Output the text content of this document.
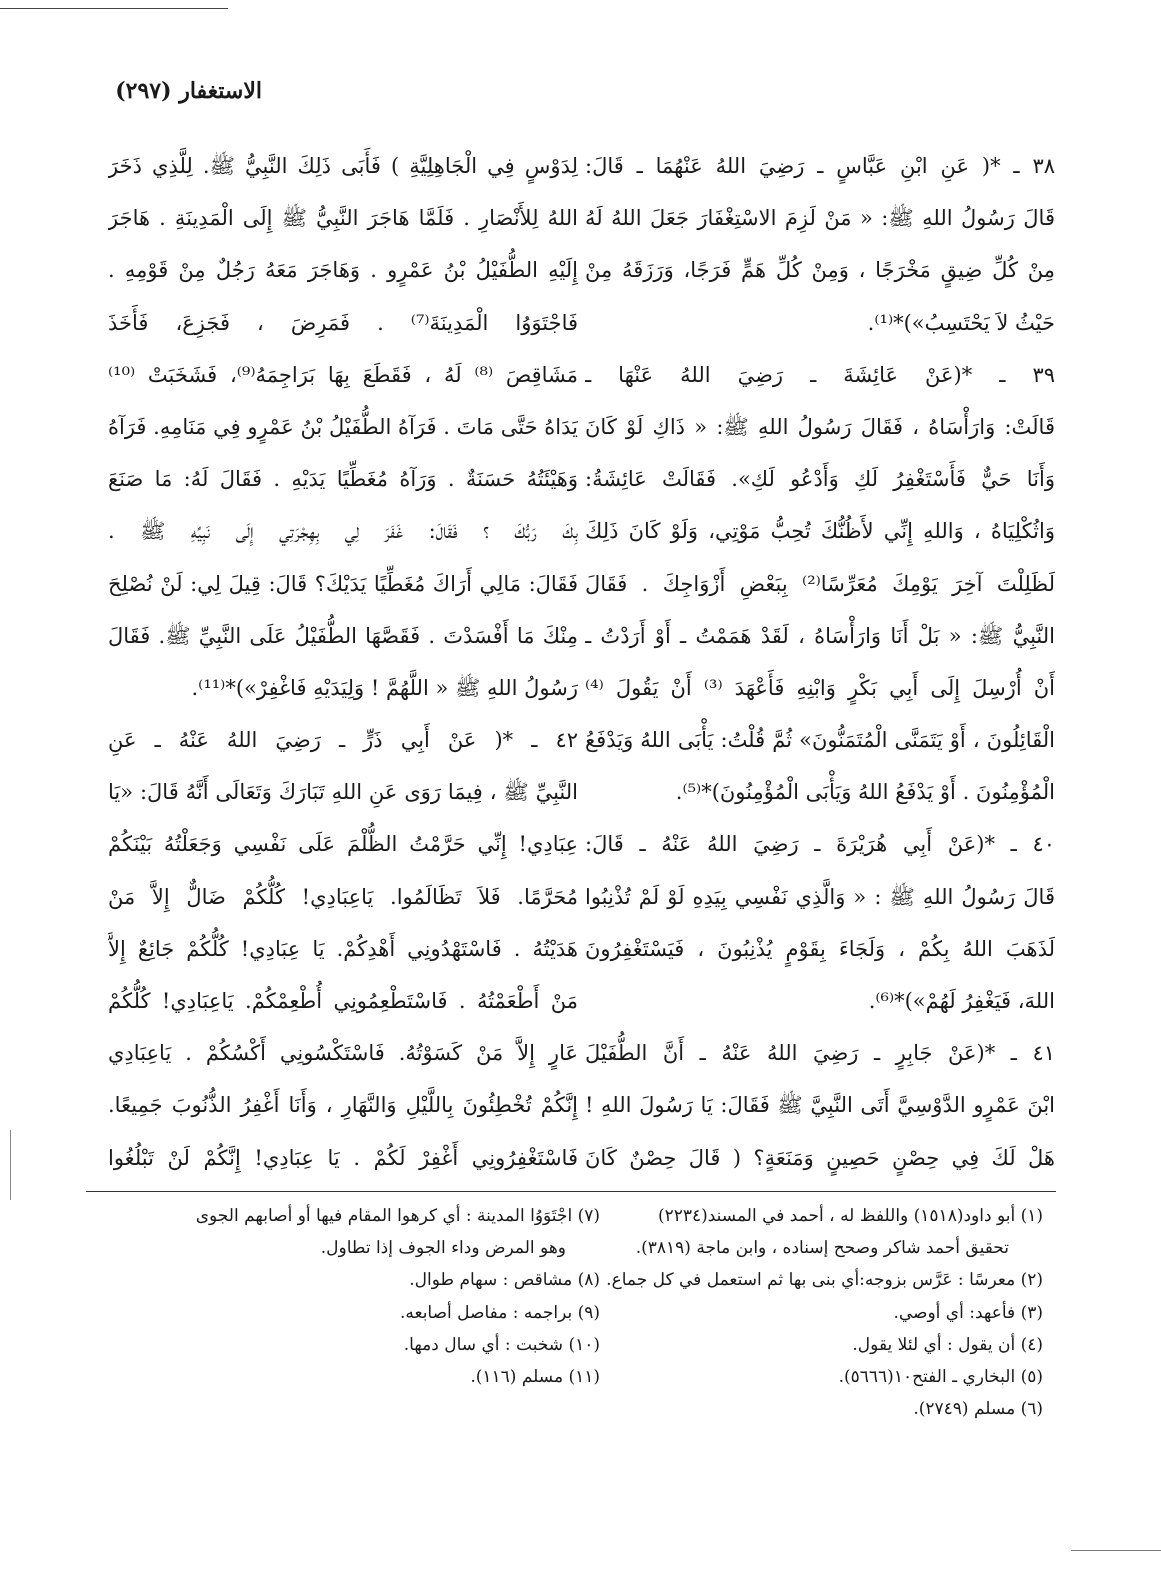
الاستغفار (٢٩٧)
٣٨ ـ *( عَنِ ابْنِ عَبَّاسٍ ـ رَضِيَ اللهُ عَنْهُمَا ـ قَالَ:
قَالَ رَسُولُ اللهِ ﷺ: « مَنْ لَزِمَ الاسْتِغْفَارَ جَعَلَ اللهُ لَهُ
مِنْ كُلِّ ضِيقٍ مَخْرَجًا ، وَمِنْ كُلِّ هَمٍّ فَرَجًا، وَرَزَقَهُ مِنْ
حَيْثُ لاَ يَحْتَسِبُ»)*⁽¹⁾.
٣٩ ـ *(عَنْ عَائِشَةَ ـ رَضِيَ اللهُ عَنْهَا ـ
قَالَتْ: وَارَأْسَاهُ ، فَقَالَ رَسُولُ اللهِ ﷺ: « ذَاكِ لَوْ كَانَ
وَأَنَا حَيٌّ فَأَسْتَغْفِرُ لَكِ وَأَدْعُو لَكِ». فَقَالَتْ عَائِشَةُ:
وَاثُكْلِيَاهُ ، وَاللهِ إِنِّي لأَظُنُّكَ تُحِبُّ مَوْتِي، وَلَوْ كَانَ ذَلِكَ
لَظَلِلْتَ آخِرَ يَوْمِكَ مُعَرِّسًا⁽²⁾ بِبَعْضِ أَزْوَاجِكَ . فَقَالَ
النَّبِيُّ ﷺ: « بَلْ أَنَا وَارَأْسَاهُ ، لَقَدْ هَمَمْتُ ـ أَوْ أَرَدْتُ ـ
أَنْ أُرْسِلَ إِلَى أَبِي بَكْرٍ وَابْنِهِ فَأَعْهَدَ ⁽³⁾ أَنْ يَقُولَ ⁽⁴⁾
الْقَائِلُونَ ، أَوْ يَتَمَنَّى الْمُتَمَنُّونَ» ثُمَّ قُلْتُ: يَأْبَى اللهُ وَيَدْفَعُ
الْمُؤْمِنُونَ . أَوْ يَدْفَعُ اللهُ وَيَأْبَى الْمُؤْمِنُونَ)*⁽⁵⁾.
٤٠ ـ *(عَنْ أَبِي هُرَيْرَةَ ـ رَضِيَ اللهُ عَنْهُ ـ قَالَ:
قَالَ رَسُولُ اللهِ ﷺ : « وَالَّذِي نَفْسِي بِيَدِهِ لَوْ لَمْ تُذْنِبُوا
لَذَهَبَ اللهُ بِكُمْ ، وَلَجَاءَ بِقَوْمٍ يُذْنِبُونَ ، فَيَسْتَغْفِرُونَ
اللهَ، فَيَغْفِرُ لَهُمْ»)*⁽⁶⁾.
٤١ ـ *(عَنْ جَابِرٍ ـ رَضِيَ اللهُ عَنْهُ ـ أَنَّ الطُّفَيْلَ
ابْنَ عَمْرٍو الدَّوْسِيَّ أَتَى النَّبِيَّ ﷺ فَقَالَ: يَا رَسُولَ اللهِ !
هَلْ لَكَ فِي حِصْنٍ حَصِينٍ وَمَنَعَةٍ؟ ( قَالَ حِصْنٌ كَانَ
لِدَوْسٍ فِي الْجَاهِلِيَّةِ ) فَأَبَى ذَلِكَ النَّبِيُّ ﷺ. لِلَّذِي ذَخَرَ
اللهُ لِلأَنْصَارِ . فَلَمَّا هَاجَرَ النَّبِيُّ ﷺ إِلَى الْمَدِينَةِ . هَاجَرَ
إِلَيْهِ الطُّفَيْلُ بْنُ عَمْرٍو . وَهَاجَرَ مَعَهُ رَجُلٌ مِنْ قَوْمِهِ .
فَاجْتَوَوُا الْمَدِينَةَ⁽⁷⁾ . فَمَرِضَ ، فَجَزِعَ، فَأَخَذَ
مَشَاقِصَ ⁽⁸⁾ لَهُ ، فَقَطَعَ بِهَا بَرَاجِمَهُ⁽⁹⁾، فَشَخَبَتْ ⁽¹⁰⁾
يَدَاهُ حَتَّى مَاتَ . فَرَآهُ الطُّفَيْلُ بْنُ عَمْرٍو فِي مَنَامِهِ. فَرَآهُ
وَهَيْئَتُهُ حَسَنَةٌ . وَرَآهُ مُغَطِّيًا يَدَيْهِ . فَقَالَ لَهُ: مَا صَنَعَ
بِكَ رَبُّكَ ؟ فَقَالَ: غَفَرَ لِي بِهِجْرَتِي إِلَى نَبِيِّهِ ﷺ .
فَقَالَ: مَالِي أَرَاكَ مُغَطِّيًا يَدَيْكَ؟ قَالَ: قِيلَ لِي: لَنْ نُصْلِحَ
مِنْكَ مَا أَفْسَدْتَ . فَقَصَّهَا الطُّفَيْلُ عَلَى النَّبِيِّ ﷺ. فَقَالَ
رَسُولُ اللهِ ﷺ « اللَّهُمَّ ! وَلِيَدَيْهِ فَاغْفِرْ»)*⁽¹¹⁾.
٤٢ ـ *( عَنْ أَبِي ذَرٍّ ـ رَضِيَ اللهُ عَنْهُ ـ عَنِ
النَّبِيِّ ﷺ ، فِيمَا رَوَى عَنِ اللهِ تَبَارَكَ وَتَعَالَى أَنَّهُ قَالَ: «يَا
عِبَادِي! إِنِّي حَرَّمْتُ الظُّلْمَ عَلَى نَفْسِي وَجَعَلْتُهُ بَيْنَكُمْ
مُحَرَّمًا. فَلاَ تَظَالَمُوا. يَاعِبَادِي! كُلُّكُمْ ضَالٌّ إِلاَّ مَنْ
هَدَيْتُهُ . فَاسْتَهْدُونِي أَهْدِكُمْ. يَا عِبَادِي! كُلُّكُمْ جَائِعٌ إِلاَّ
مَنْ أَطْعَمْتُهُ . فَاسْتَطْعِمُونِي أُطْعِمْكُمْ. يَاعِبَادِي! كُلُّكُمْ
عَارٍ إِلاَّ مَنْ كَسَوْتُهُ. فَاسْتَكْسُونِي أَكْسُكُمْ . يَاعِبَادِي
إِنَّكُمْ تُخْطِئُونَ بِاللَّيْلِ وَالنَّهَارِ ، وَأَنَا أَغْفِرُ الذُّنُوبَ جَمِيعًا.
فَاسْتَغْفِرُونِي أَغْفِرْ لَكُمْ . يَا عِبَادِي! إِنَّكُمْ لَنْ تَبْلُغُوا
(١) أبو داود(١٥١٨) واللفظ له ، أحمد في المسند(٢٢٣٤)
تحقيق أحمد شاكر وصحح إسناده ، وابن ماجة (٣٨١٩).
(٢) معرسًا : عَرَّس بزوجه:أي بنى بها ثم استعمل في كل جماع.
(٣) فأعهد: أي أوصي.
(٤) أن يقول : أي لئلا يقول.
(٥) البخاري ـ الفتح١٠(٥٦٦٦).
(٦) مسلم (٢٧٤٩).
(٧) اجْتَوَوُا المدينة : أي كرهوا المقام فيها أو أصابهم الجوى
وهو المرض وداء الجوف إذا تطاول.
(٨) مشاقص : سهام طوال.
(٩) براجمه : مفاصل أصابعه.
(١٠) شخبت : أي سال دمها.
(١١) مسلم (١١٦).
